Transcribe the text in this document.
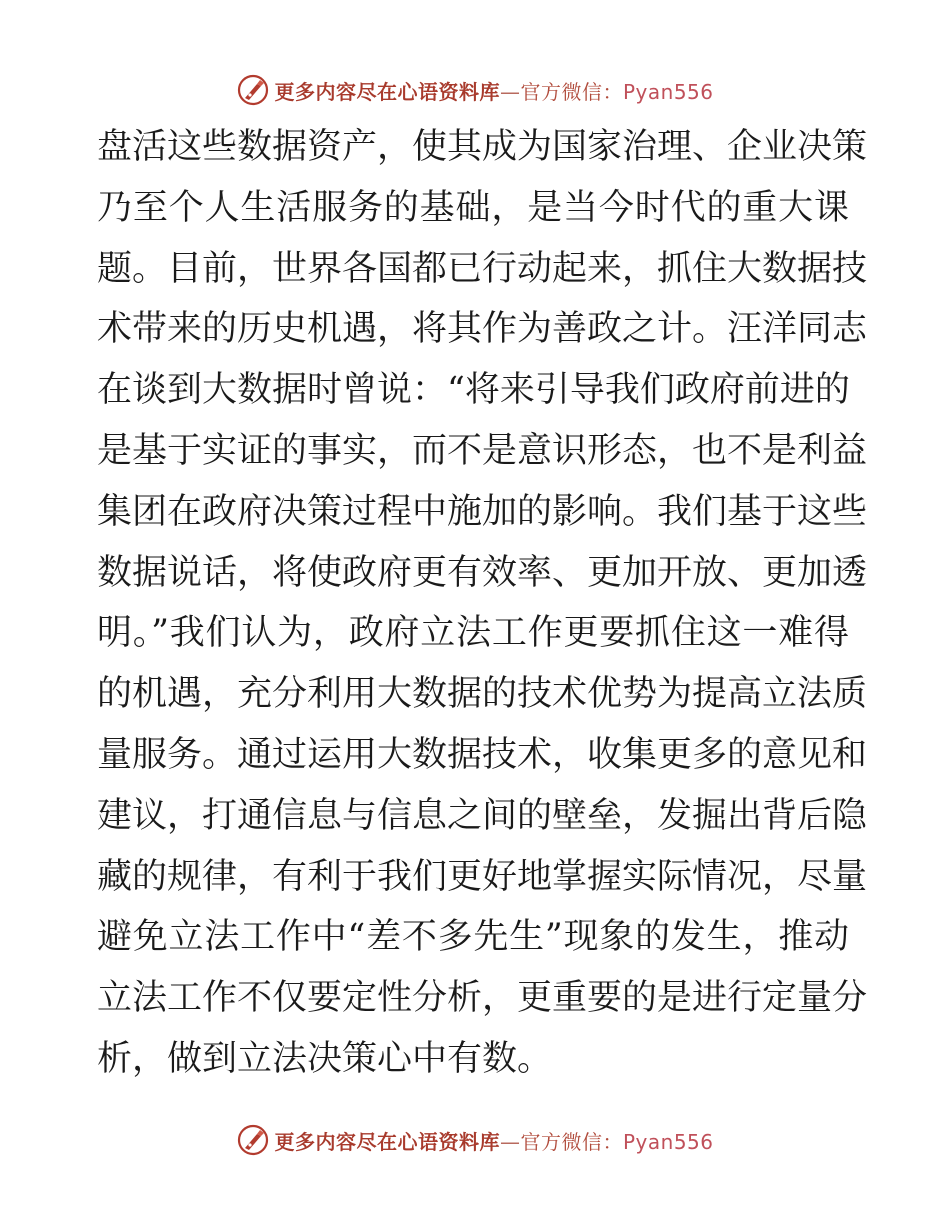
更多内容尽在心语资料库—官方微信：Pyan556
盘活这些数据资产，使其成为国家治理、企业决策
乃至个人生活服务的基础，是当今时代的重大课
题。目前，世界各国都已行动起来，抓住大数据技
术带来的历史机遇，将其作为善政之计。汪洋同志
在谈到大数据时曾说：“将来引导我们政府前进的
是基于实证的事实，而不是意识形态，也不是利益
集团在政府决策过程中施加的影响。我们基于这些
数据说话，将使政府更有效率、更加开放、更加透
明。”我们认为，政府立法工作更要抓住这一难得
的机遇，充分利用大数据的技术优势为提高立法质
量服务。通过运用大数据技术，收集更多的意见和
建议，打通信息与信息之间的壁垒，发掘出背后隐
藏的规律，有利于我们更好地掌握实际情况，尽量
避免立法工作中“差不多先生”现象的发生，推动
立法工作不仅要定性分析，更重要的是进行定量分
析，做到立法决策心中有数。
更多内容尽在心语资料库—官方微信：Pyan556
